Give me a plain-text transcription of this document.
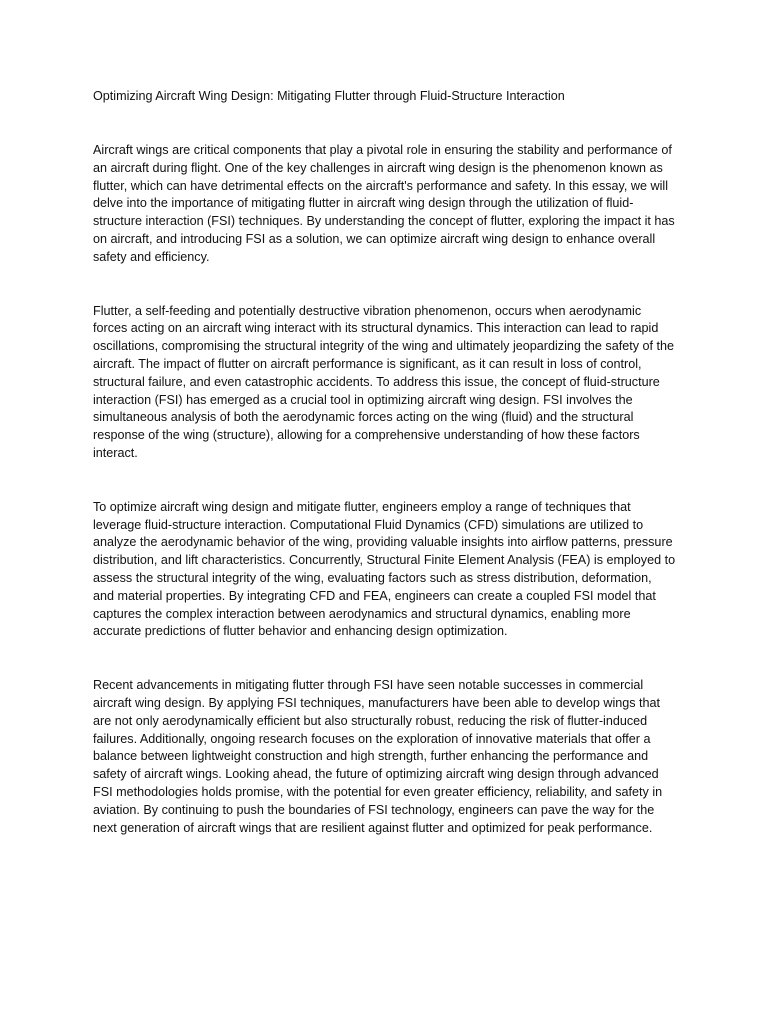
Optimizing Aircraft Wing Design: Mitigating Flutter through Fluid-Structure Interaction

Aircraft wings are critical components that play a pivotal role in ensuring the stability and performance of an aircraft during flight. One of the key challenges in aircraft wing design is the phenomenon known as flutter, which can have detrimental effects on the aircraft's performance and safety. In this essay, we will delve into the importance of mitigating flutter in aircraft wing design through the utilization of fluid-structure interaction (FSI) techniques. By understanding the concept of flutter, exploring the impact it has on aircraft, and introducing FSI as a solution, we can optimize aircraft wing design to enhance overall safety and efficiency.

Flutter, a self-feeding and potentially destructive vibration phenomenon, occurs when aerodynamic forces acting on an aircraft wing interact with its structural dynamics. This interaction can lead to rapid oscillations, compromising the structural integrity of the wing and ultimately jeopardizing the safety of the aircraft. The impact of flutter on aircraft performance is significant, as it can result in loss of control, structural failure, and even catastrophic accidents. To address this issue, the concept of fluid-structure interaction (FSI) has emerged as a crucial tool in optimizing aircraft wing design. FSI involves the simultaneous analysis of both the aerodynamic forces acting on the wing (fluid) and the structural response of the wing (structure), allowing for a comprehensive understanding of how these factors interact.

To optimize aircraft wing design and mitigate flutter, engineers employ a range of techniques that leverage fluid-structure interaction. Computational Fluid Dynamics (CFD) simulations are utilized to analyze the aerodynamic behavior of the wing, providing valuable insights into airflow patterns, pressure distribution, and lift characteristics. Concurrently, Structural Finite Element Analysis (FEA) is employed to assess the structural integrity of the wing, evaluating factors such as stress distribution, deformation, and material properties. By integrating CFD and FEA, engineers can create a coupled FSI model that captures the complex interaction between aerodynamics and structural dynamics, enabling more accurate predictions of flutter behavior and enhancing design optimization.

Recent advancements in mitigating flutter through FSI have seen notable successes in commercial aircraft wing design. By applying FSI techniques, manufacturers have been able to develop wings that are not only aerodynamically efficient but also structurally robust, reducing the risk of flutter-induced failures. Additionally, ongoing research focuses on the exploration of innovative materials that offer a balance between lightweight construction and high strength, further enhancing the performance and safety of aircraft wings. Looking ahead, the future of optimizing aircraft wing design through advanced FSI methodologies holds promise, with the potential for even greater efficiency, reliability, and safety in aviation. By continuing to push the boundaries of FSI technology, engineers can pave the way for the next generation of aircraft wings that are resilient against flutter and optimized for peak performance.
